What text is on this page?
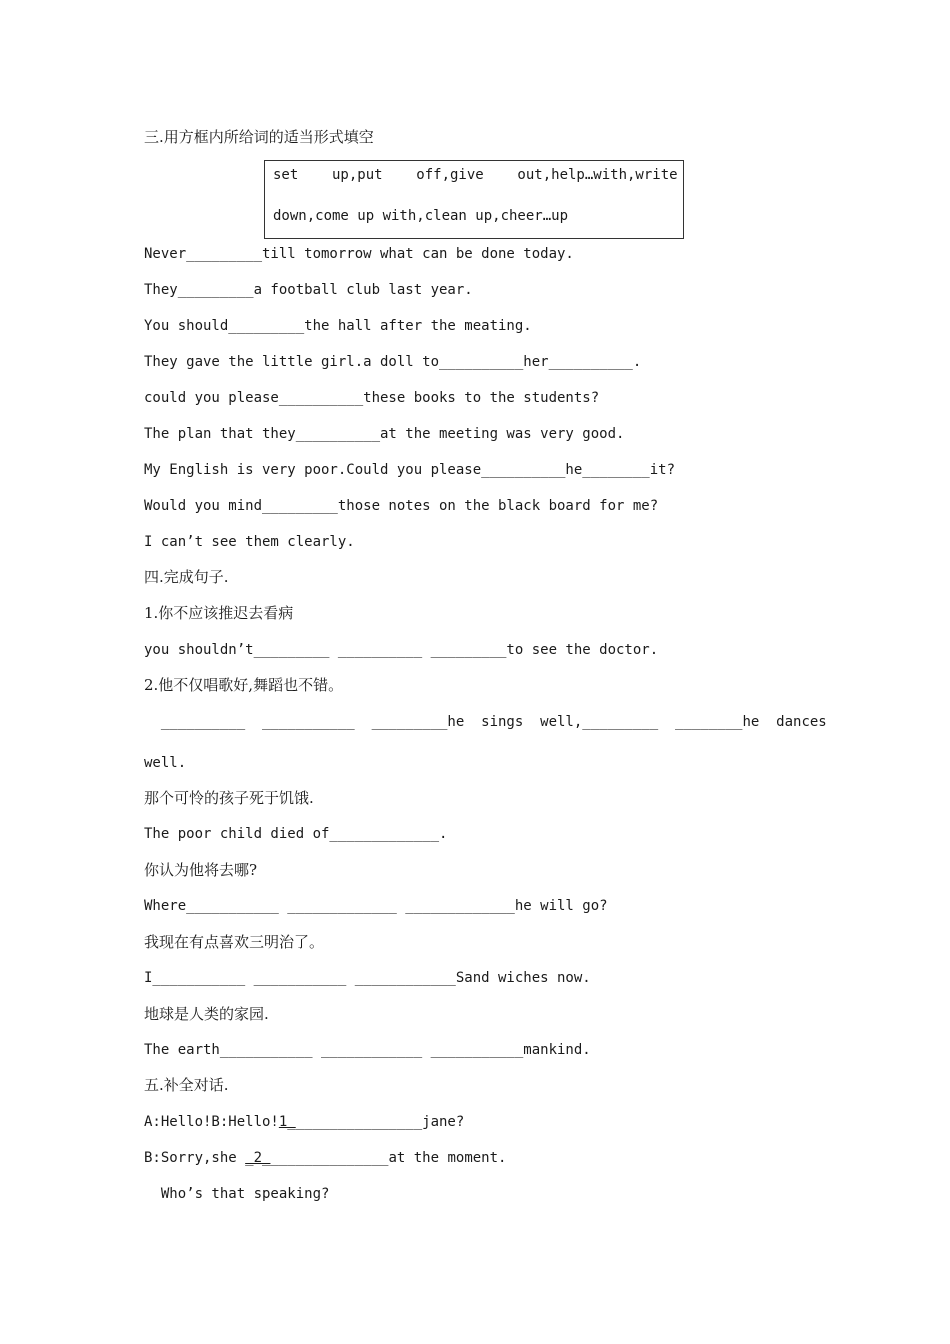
三.用方框内所给词的适当形式填空
set    up,put    off,give    out,help…with,write
down,come up with,clean up,cheer…up
Never_________till tomorrow what can be done today.
They_________a football club last year.
You should_________the hall after the meating.
They gave the little girl.a doll to__________her__________.
could you please__________these books to the students?
The plan that they__________at the meeting was very good.
My English is very poor.Could you please__________he________it?
Would you mind_________those notes on the black board for me?
I can’t see them clearly.
四.完成句子.
1.你不应该推迟去看病
you shouldn’t_________ __________ _________to see the doctor.
2.他不仅唱歌好,舞蹈也不错。
__________  ___________  _________he  sings  well,_________  ________he  dances
well.
那个可怜的孩子死于饥饿.
The poor child died of_____________.
你认为他将去哪?
Where___________ _____________ _____________he will go?
我现在有点喜欢三明治了。
I___________ ___________ ____________Sand wiches now.
地球是人类的家园.
The earth___________ ____________ ___________mankind.
五.补全对话.
A:Hello!B:Hello!1________________jane?
B:Sorry,she _2_______________at the moment.
Who’s that speaking?
